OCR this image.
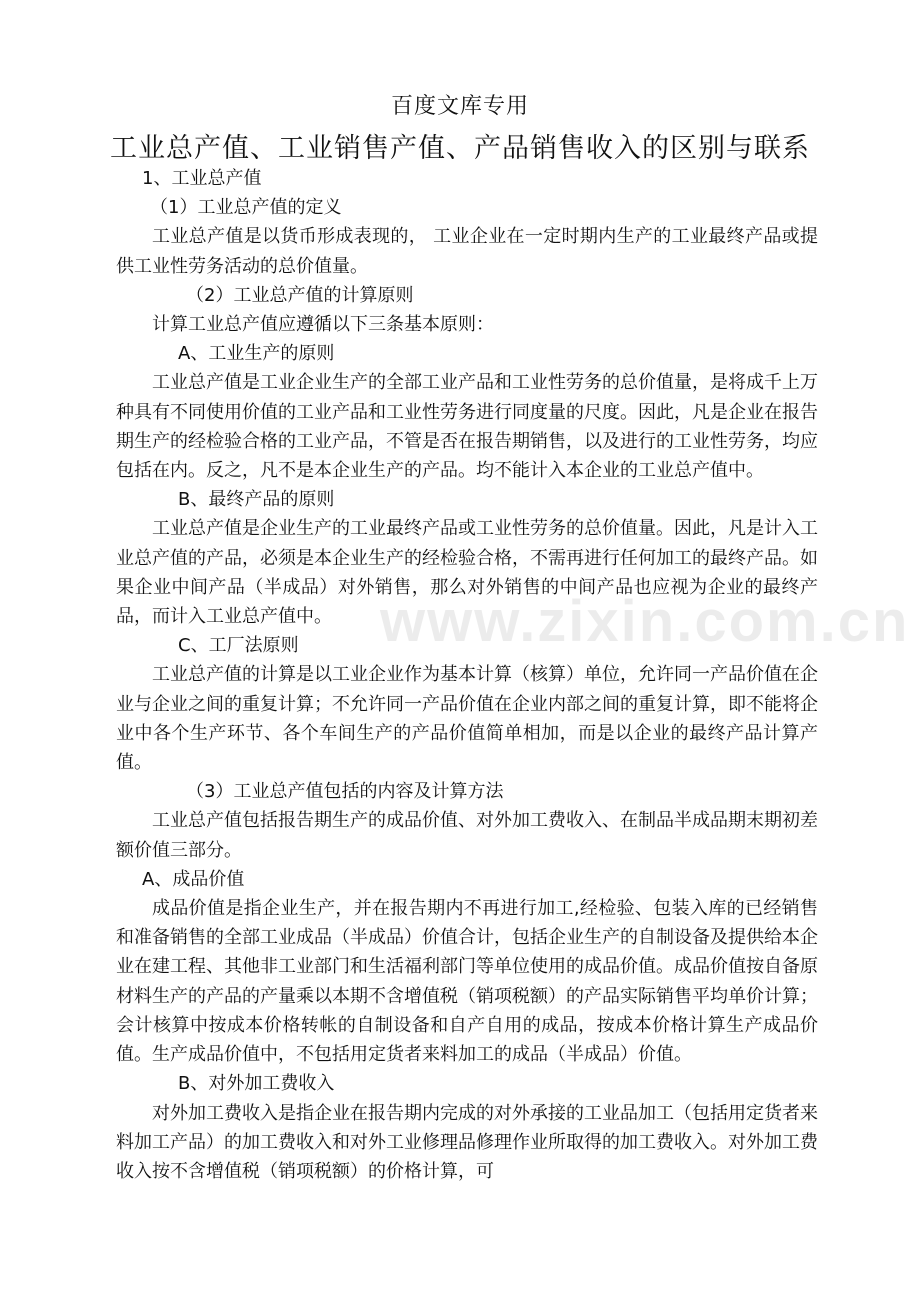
百度文库专用
工业总产值、工业销售产值、产品销售收入的区别与联系
www.zixin.com.cn

1、工业总产值

（1）工业总产值的定义

工业总产值是以货币形成表现的， 工业企业在一定时期内生产的工业最终产品或提供工业性劳务活动的总价值量。

（2）工业总产值的计算原则

计算工业总产值应遵循以下三条基本原则：

A、工业生产的原则

工业总产值是工业企业生产的全部工业产品和工业性劳务的总价值量，是将成千上万种具有不同使用价值的工业产品和工业性劳务进行同度量的尺度。因此，凡是企业在报告期生产的经检验合格的工业产品，不管是否在报告期销售，以及进行的工业性劳务，均应包括在内。反之，凡不是本企业生产的产品。均不能计入本企业的工业总产值中。

B、最终产品的原则

工业总产值是企业生产的工业最终产品或工业性劳务的总价值量。因此，凡是计入工业总产值的产品，必须是本企业生产的经检验合格，不需再进行任何加工的最终产品。如果企业中间产品（半成品）对外销售，那么对外销售的中间产品也应视为企业的最终产品，而计入工业总产值中。

C、工厂法原则

工业总产值的计算是以工业企业作为基本计算（核算）单位，允许同一产品价值在企业与企业之间的重复计算；不允许同一产品价值在企业内部之间的重复计算，即不能将企业中各个生产环节、各个车间生产的产品价值简单相加，而是以企业的最终产品计算产值。

（3）工业总产值包括的内容及计算方法

工业总产值包括报告期生产的成品价值、对外加工费收入、在制品半成品期末期初差额价值三部分。

A、成品价值

成品价值是指企业生产，并在报告期内不再进行加工,经检验、包装入库的已经销售和准备销售的全部工业成品（半成品）价值合计，包括企业生产的自制设备及提供给本企业在建工程、其他非工业部门和生活福利部门等单位使用的成品价值。成品价值按自备原材料生产的产品的产量乘以本期不含增值税（销项税额）的产品实际销售平均单价计算；会计核算中按成本价格转帐的自制设备和自产自用的成品，按成本价格计算生产成品价值。生产成品价值中，不包括用定货者来料加工的成品（半成品）价值。

B、对外加工费收入

对外加工费收入是指企业在报告期内完成的对外承接的工业品加工（包括用定货者来料加工产品）的加工费收入和对外工业修理品修理作业所取得的加工费收入。对外加工费收入按不含增值税（销项税额）的价格计算，可
